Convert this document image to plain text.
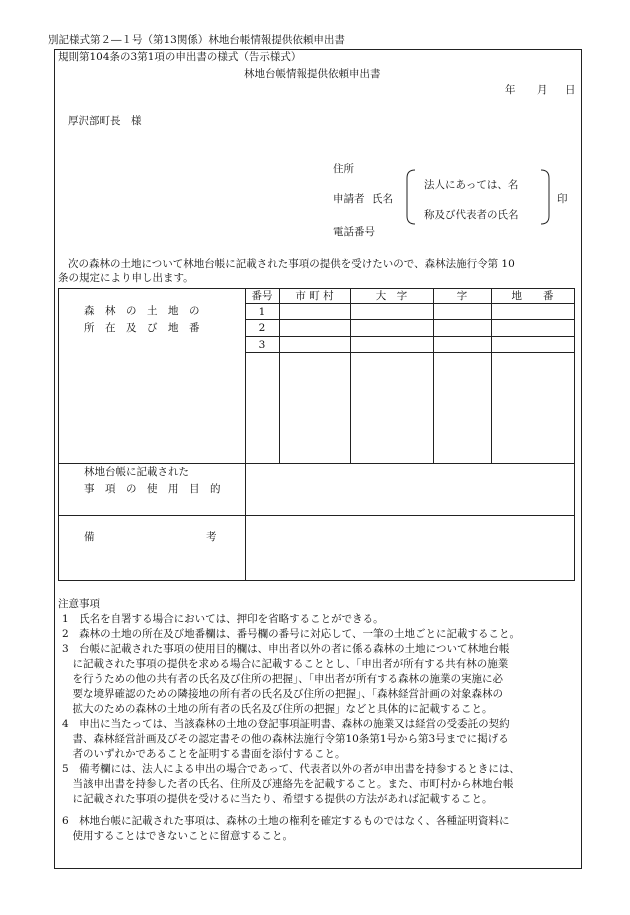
別記様式第２―１号（第13関係）林地台帳情報提供依頼申出書
規則第104条の3第1項の申出書の様式（告示様式）
林地台帳情報提供依頼申出書
年 月 日
厚沢部町長　様
住所
申請者 氏名
法人にあっては、名
称及び代表者の氏名
印
電話番号
次の森林の土地について林地台帳に記載された事項の提供を受けたいので、森林法施行令第 10
条の規定により申し出ます。
番号	市 町 村	大　字	字	地　　番
1
2
3
森　林　の　土　地　の
所　在　及　び　地　番
林地台帳に記載された
事　項　の　使　用　目　的
備	考
注意事項
1　氏名を自署する場合においては、押印を省略することができる。
2　森林の土地の所在及び地番欄は、番号欄の番号に対応して、一筆の土地ごとに記載すること。
3　台帳に記載された事項の使用目的欄は、申出者以外の者に係る森林の土地について林地台帳
　に記載された事項の提供を求める場合に記載することとし、「申出者が所有する共有林の施業
　を行うための他の共有者の氏名及び住所の把握」、「申出者が所有する森林の施業の実施に必
　要な境界確認のための隣接地の所有者の氏名及び住所の把握」、「森林経営計画の対象森林の
　拡大のための森林の土地の所有者の氏名及び住所の把握」などと具体的に記載すること。
4　申出に当たっては、当該森林の土地の登記事項証明書、森林の施業又は経営の受委託の契約
　書、森林経営計画及びその認定書その他の森林法施行令第10条第1号から第3号までに掲げる
　者のいずれかであることを証明する書面を添付すること。
5　備考欄には、法人による申出の場合であって、代表者以外の者が申出書を持参するときには、
　当該申出書を持参した者の氏名、住所及び連絡先を記載すること。また、市町村から林地台帳
　に記載された事項の提供を受けるに当たり、希望する提供の方法があれば記載すること。
6　林地台帳に記載された事項は、森林の土地の権利を確定するものではなく、各種証明資料に
　使用することはできないことに留意すること。
